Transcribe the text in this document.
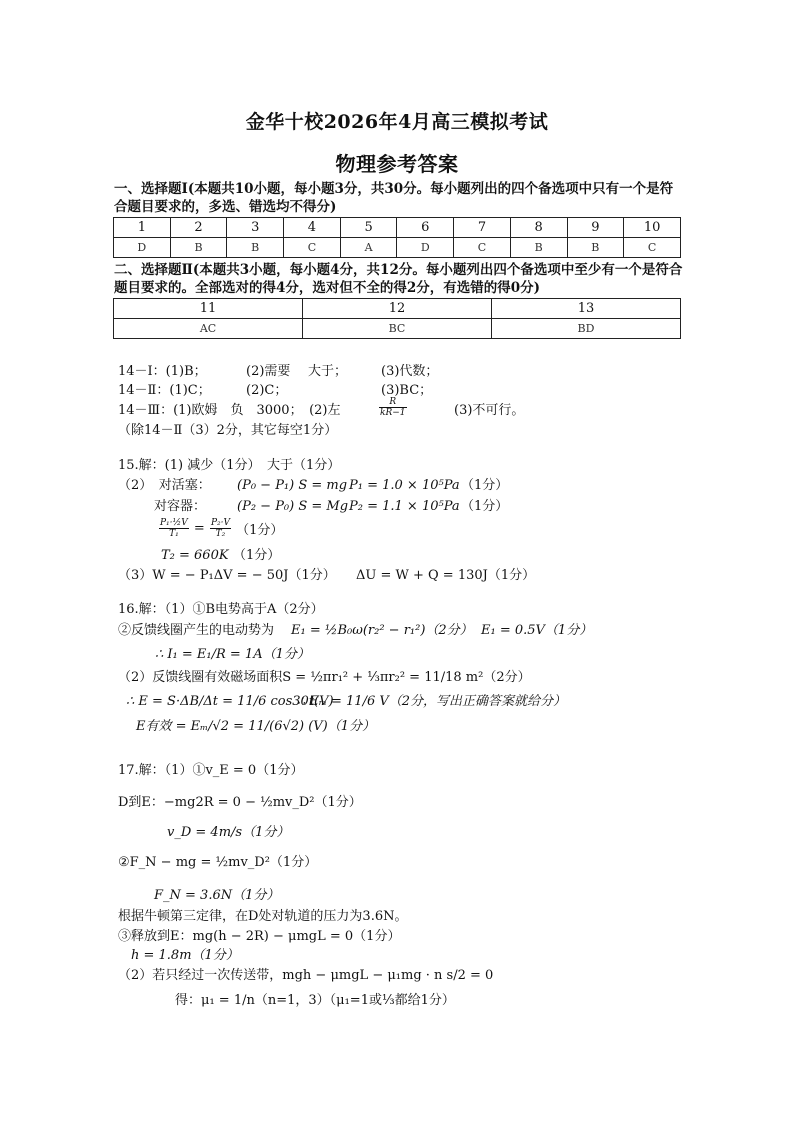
金华十校2026年4月高三模拟考试
物理参考答案
一、选择题Ⅰ(本题共10小题，每小题3分，共30分。每小题列出的四个备选项中只有一个是符合题目要求的，多选、错选均不得分)
1	2	3	4	5	6	7	8	9	10
D	B	B	C	A	D	C	B	B	C
二、选择题Ⅱ(本题共3小题，每小题4分，共12分。每小题列出四个备选项中至少有一个是符合题目要求的。全部选对的得4分，选对但不全的得2分，有选错的得0分)
11	12	13
AC	BC	BD
14－Ⅰ：(1)B；	(2)需要 大于；	(3)代数；
14－Ⅱ：(1)C；	(2)C；	(3)BC；
14－Ⅲ：(1)欧姆　负　3000；　(2)左	$\frac{R}{kR-1}$	(3)不可行。
（除14－Ⅱ（3）2分，其它每空1分）
15.解：(1) 减少（1分）　大于（1分）
（2）　对活塞： (P₀ − P₁) S = mg P₁ = 1.0 × 10⁵Pa （1分）
对容器： (P₂ − P₀) S = Mg P₂ = 1.1 × 10⁵Pa （1分）
$\frac{\text{P₁·½V}}{\text{T₁}} = \frac{\text{P₂·V}}{\text{T₂}} (1$分）
T₂ = 660K （1分）
（3）W = − P₁ΔV = − 50J（1分） ΔU = W + Q = 130J（1分）
16.解：（1）①B电势高于A（2分）
②反馈线圈产生的电动势为 E₁ = ½B₀ω(r₂² − r₁²)（2分） E₁ = 0.5V（1分）
∴ I₁ = E₁/R = 1A（1分）
（2）反馈线圈有效磁场面积S = ½πr₁² + ⅓πr₂² = 11/18 m²（2分）
∴ E = S·ΔB/Δt = 11/6 cos30t(V)
∴ Eₘ = 11/6 V（2分，写出正确答案就给分）
E有效 = Eₘ/√2 = 11/(6√2) (V)（1分）
17.解：（1）①v_E = 0（1分）
D到E：−mg2R = 0 − ½mv_D²（1分）
v_D = 4m/s（1分）
②F_N − mg = ½mv_D²（1分）
F_N = 3.6N（1分）
根据牛顿第三定律，在D处对轨道的压力为3.6N。
③释放到E：mg(h − 2R) − μmgL = 0（1分）
h = 1.8m（1分）
（2）若只经过一次传送带，mgh − μmgL − μ₁mg · n s/2 = 0
得：μ₁ = 1/n（n=1，3）（μ₁=1或⅓都给1分）
